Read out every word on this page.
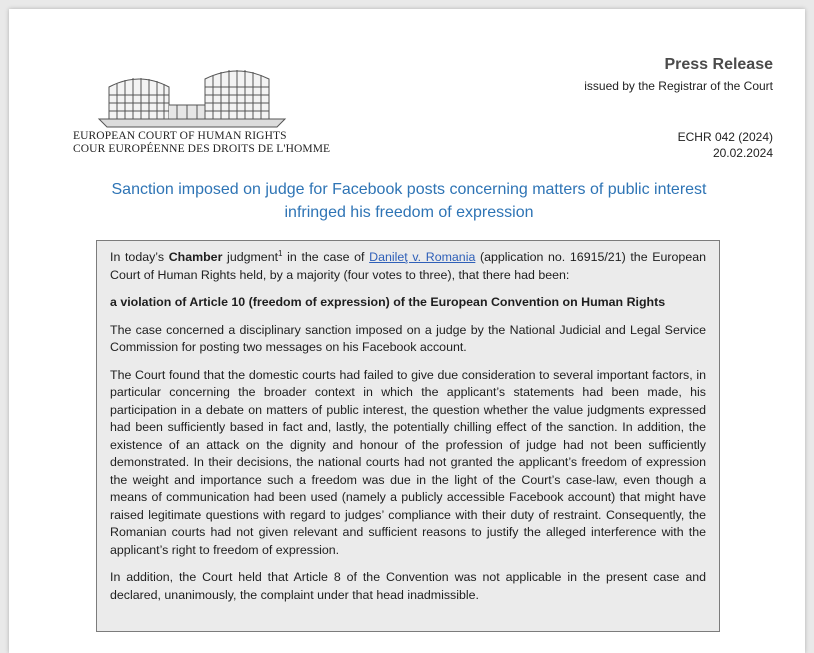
EUROPEAN COURT OF HUMAN RIGHTS
COUR EUROPÉENNE DES DROITS DE L'HOMME
Press Release
issued by the Registrar of the Court
ECHR 042 (2024)
20.02.2024
Sanction imposed on judge for Facebook posts concerning matters of public interest infringed his freedom of expression

In today’s Chamber judgment$^1$ in the case of Danileţ v. Romania (application no. 16915/21) the European Court of Human Rights held, by a majority (four votes to three), that there had been:

a violation of Article 10 (freedom of expression) of the European Convention on Human Rights

The case concerned a disciplinary sanction imposed on a judge by the National Judicial and Legal Service Commission for posting two messages on his Facebook account.

The Court found that the domestic courts had failed to give due consideration to several important factors, in particular concerning the broader context in which the applicant’s statements had been made, his participation in a debate on matters of public interest, the question whether the value judgments expressed had been sufficiently based in fact and, lastly, the potentially chilling effect of the sanction. In addition, the existence of an attack on the dignity and honour of the profession of judge had not been sufficiently demonstrated. In their decisions, the national courts had not granted the applicant’s freedom of expression the weight and importance such a freedom was due in the light of the Court’s case-law, even though a means of communication had been used (namely a publicly accessible Facebook account) that might have raised legitimate questions with regard to judges’ compliance with their duty of restraint. Consequently, the Romanian courts had not given relevant and sufficient reasons to justify the alleged interference with the applicant’s right to freedom of expression.

In addition, the Court held that Article 8 of the Convention was not applicable in the present case and declared, unanimously, the complaint under that head inadmissible.
